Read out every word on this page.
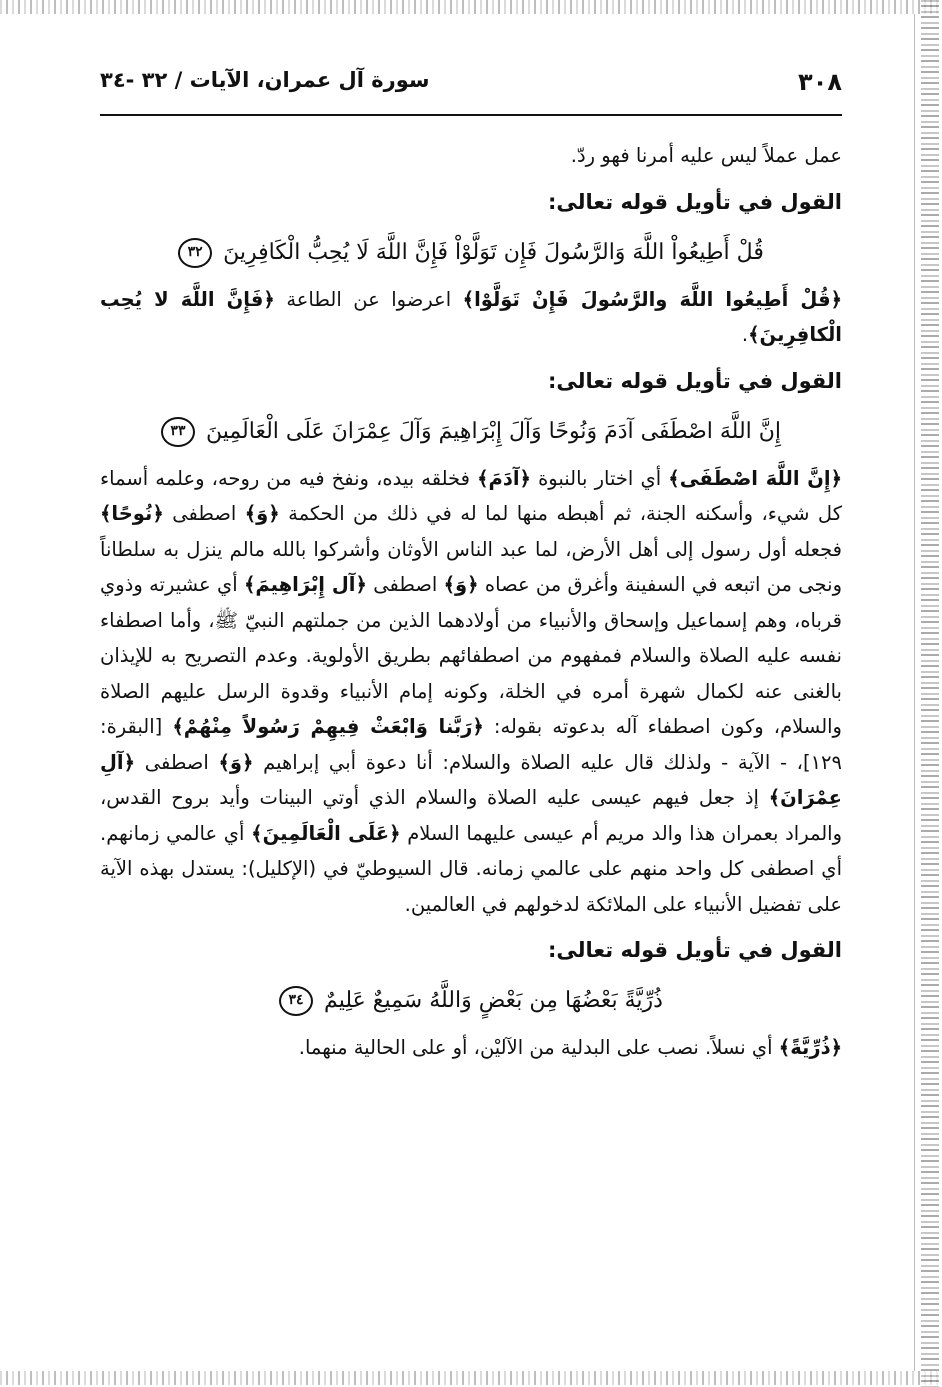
٣٠٨
سورة آل عمران، الآيات / ٣٢ -٣٤

عمل عملاً ليس عليه أمرنا فهو ردّ.

القول في تأويل قوله تعالى:
قُلْ أَطِيعُواْ اللَّهَ وَالرَّسُولَ فَإِن تَوَلَّوْاْ فَإِنَّ اللَّهَ لَا يُحِبُّ الْكَافِرِينَ ٣٢

﴿قُلْ أَطِيعُوا اللَّهَ والرَّسُولَ فَإِنْ تَوَلَّوْا﴾ اعرضوا عن الطاعة ﴿فَإِنَّ اللَّهَ لا يُحِب الْكافِرِينَ﴾.

القول في تأويل قوله تعالى:
إِنَّ اللَّهَ اصْطَفَى آدَمَ وَنُوحًا وَآلَ إِبْرَاهِيمَ وَآلَ عِمْرَانَ عَلَى الْعَالَمِينَ ٣٣

﴿إِنَّ اللَّهَ اصْطَفَى﴾ أي اختار بالنبوة ﴿آدَمَ﴾ فخلقه بيده، ونفخ فيه من روحه، وعلمه أسماء كل شيء، وأسكنه الجنة، ثم أهبطه منها لما له في ذلك من الحكمة ﴿وَ﴾ اصطفى ﴿نُوحًا﴾ فجعله أول رسول إلى أهل الأرض، لما عبد الناس الأوثان وأشركوا بالله مالم ينزل به سلطاناً ونجى من اتبعه في السفينة وأغرق من عصاه ﴿وَ﴾ اصطفى ﴿آل إِبْرَاهِيمَ﴾ أي عشيرته وذوي قرباه، وهم إسماعيل وإسحاق والأنبياء من أولادهما الذين من جملتهم النبيّ ﷺ، وأما اصطفاء نفسه عليه الصلاة والسلام فمفهوم من اصطفائهم بطريق الأولوية. وعدم التصريح به للإيذان بالغنى عنه لكمال شهرة أمره في الخلة، وكونه إمام الأنبياء وقدوة الرسل عليهم الصلاة والسلام، وكون اصطفاء آله بدعوته بقوله: ﴿رَبَّنا وَابْعَثْ فِيهِمْ رَسُولاً مِنْهُمْ﴾ [البقرة: ١٢٩]، - الآية - ولذلك قال عليه الصلاة والسلام: أنا دعوة أبي إبراهيم ﴿وَ﴾ اصطفى ﴿آلِ عِمْرَانَ﴾ إذ جعل فيهم عيسى عليه الصلاة والسلام الذي أوتي البينات وأيد بروح القدس، والمراد بعمران هذا والد مريم أم عيسى عليهما السلام ﴿عَلَى الْعَالَمِينَ﴾ أي عالمي زمانهم. أي اصطفى كل واحد منهم على عالمي زمانه. قال السيوطيّ في (الإكليل): يستدل بهذه الآية على تفضيل الأنبياء على الملائكة لدخولهم في العالمين.

القول في تأويل قوله تعالى:
ذُرِّيَّةً بَعْضُهَا مِن بَعْضٍ وَاللَّهُ سَمِيعٌ عَلِيمٌ ٣٤

﴿ذُرِّيَّةً﴾ أي نسلاً. نصب على البدلية من الآليْن، أو على الحالية منهما.
